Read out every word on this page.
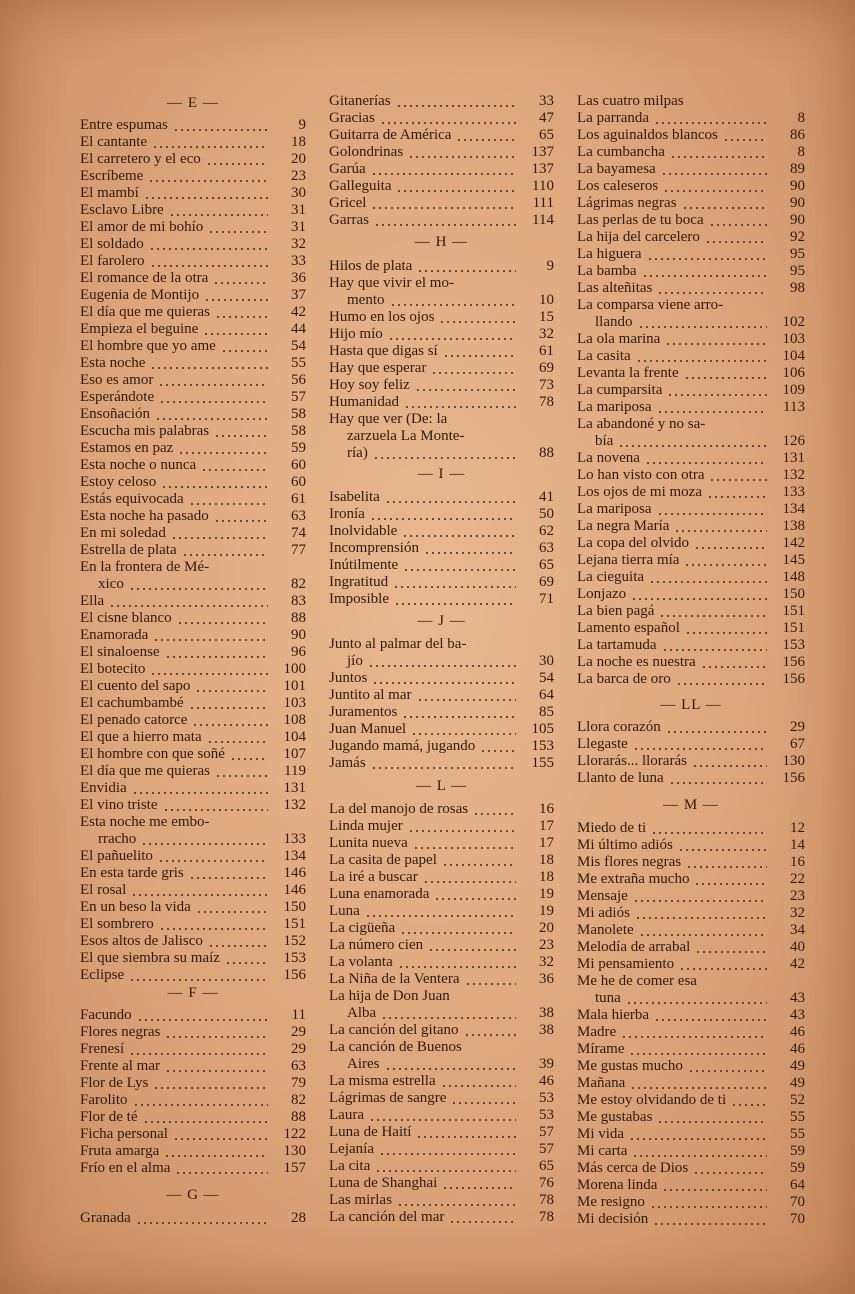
— E —
— F —
— G —
Entre espumas	9
El cantante	18
El carretero y el eco	20
Escríbeme	23
El mambí	30
Esclavo Libre	31
El amor de mi bohío	31
El soldado	32
El farolero	33
El romance de la otra	36
Eugenia de Montijo	37
El día que me quieras	42
Empieza el beguine	44
El hombre que yo ame	54
Esta noche	55
Eso es amor	56
Esperándote	57
Ensoñación	58
Escucha mis palabras	58
Estamos en paz	59
Esta noche o nunca	60
Estoy celoso	60
Estás equivocada	61
Esta noche ha pasado	63
En mi soledad	74
Estrella de plata	77
En la frontera de Mé-
xico	82
Ella	83
El cisne blanco	88
Enamorada	90
El sinaloense	96
El botecito	100
El cuento del sapo	101
El cachumbambé	103
El penado catorce	108
El que a hierro mata	104
El hombre con que soñé	107
El día que me quieras	119
Envidia	131
El vino triste	132
Esta noche me embo-
rracho	133
El pañuelito	134
En esta tarde gris	146
El rosal	146
En un beso la vida	150
El sombrero	151
Esos altos de Jalisco	152
El que siembra su maíz	153
Eclipse	156
Facundo	11
Flores negras	29
Frenesí	29
Frente al mar	63
Flor de Lys	79
Farolito	82
Flor de té	88
Ficha personal	122
Fruta amarga	130
Frío en el alma	157
Granada	28
— H —
— I —
— J —
— L —
Gitanerías	33
Gracias	47
Guitarra de América	65
Golondrinas	137
Garúa	137
Galleguita	110
Gricel	111
Garras	114
Hilos de plata	9
Hay que vivir el mo-
mento	10
Humo en los ojos	15
Hijo mío	32
Hasta que digas sí	61
Hay que esperar	69
Hoy soy feliz	73
Humanidad	78
Hay que ver (De: la
zarzuela La Monte-
ría)	88
Isabelita	41
Ironía	50
Inolvidable	62
Incomprensión	63
Inútilmente	65
Ingratitud	69
Imposible	71
Junto al palmar del ba-
jío	30
Juntos	54
Juntito al mar	64
Juramentos	85
Juan Manuel	105
Jugando mamá, jugando	153
Jamás	155
La del manojo de rosas	16
Linda mujer	17
Lunita nueva	17
La casita de papel	18
La iré a buscar	18
Luna enamorada	19
Luna	19
La cigüeña	20
La número cien	23
La volanta	32
La Niña de la Ventera	36
La hija de Don Juan
Alba	38
La canción del gitano	38
La canción de Buenos
Aires	39
La misma estrella	46
Lágrimas de sangre	53
Laura	53
Luna de Haití	57
Lejanía	57
La cita	65
Luna de Shanghai	76
Las mirlas	78
La canción del mar	78
— LL —
— M —
Las cuatro milpas
La parranda	8
Los aguinaldos blancos	86
La cumbancha	8
La bayamesa	89
Los caleseros	90
Lágrimas negras	90
Las perlas de tu boca	90
La hija del carcelero	92
La higuera	95
La bamba	95
Las alteñitas	98
La comparsa viene arro-
llando	102
La ola marina	103
La casita	104
Levanta la frente	106
La cumparsita	109
La mariposa	113
La abandoné y no sa-
bía	126
La novena	131
Lo han visto con otra	132
Los ojos de mi moza	133
La mariposa	134
La negra María	138
La copa del olvido	142
Lejana tierra mía	145
La cieguita	148
Lonjazo	150
La bien pagá	151
Lamento español	151
La tartamuda	153
La noche es nuestra	156
La barca de oro	156
Llora corazón	29
Llegaste	67
Llorarás... llorarás	130
Llanto de luna	156
Miedo de ti	12
Mi último adiós	14
Mis flores negras	16
Me extraña mucho	22
Mensaje	23
Mi adiós	32
Manolete	34
Melodía de arrabal	40
Mi pensamiento	42
Me he de comer esa
tuna	43
Mala hierba	43
Madre	46
Mírame	46
Me gustas mucho	49
Mañana	49
Me estoy olvidando de ti	52
Me gustabas	55
Mi vida	55
Mi carta	59
Más cerca de Dios	59
Morena linda	64
Me resigno	70
Mi decisión	70
